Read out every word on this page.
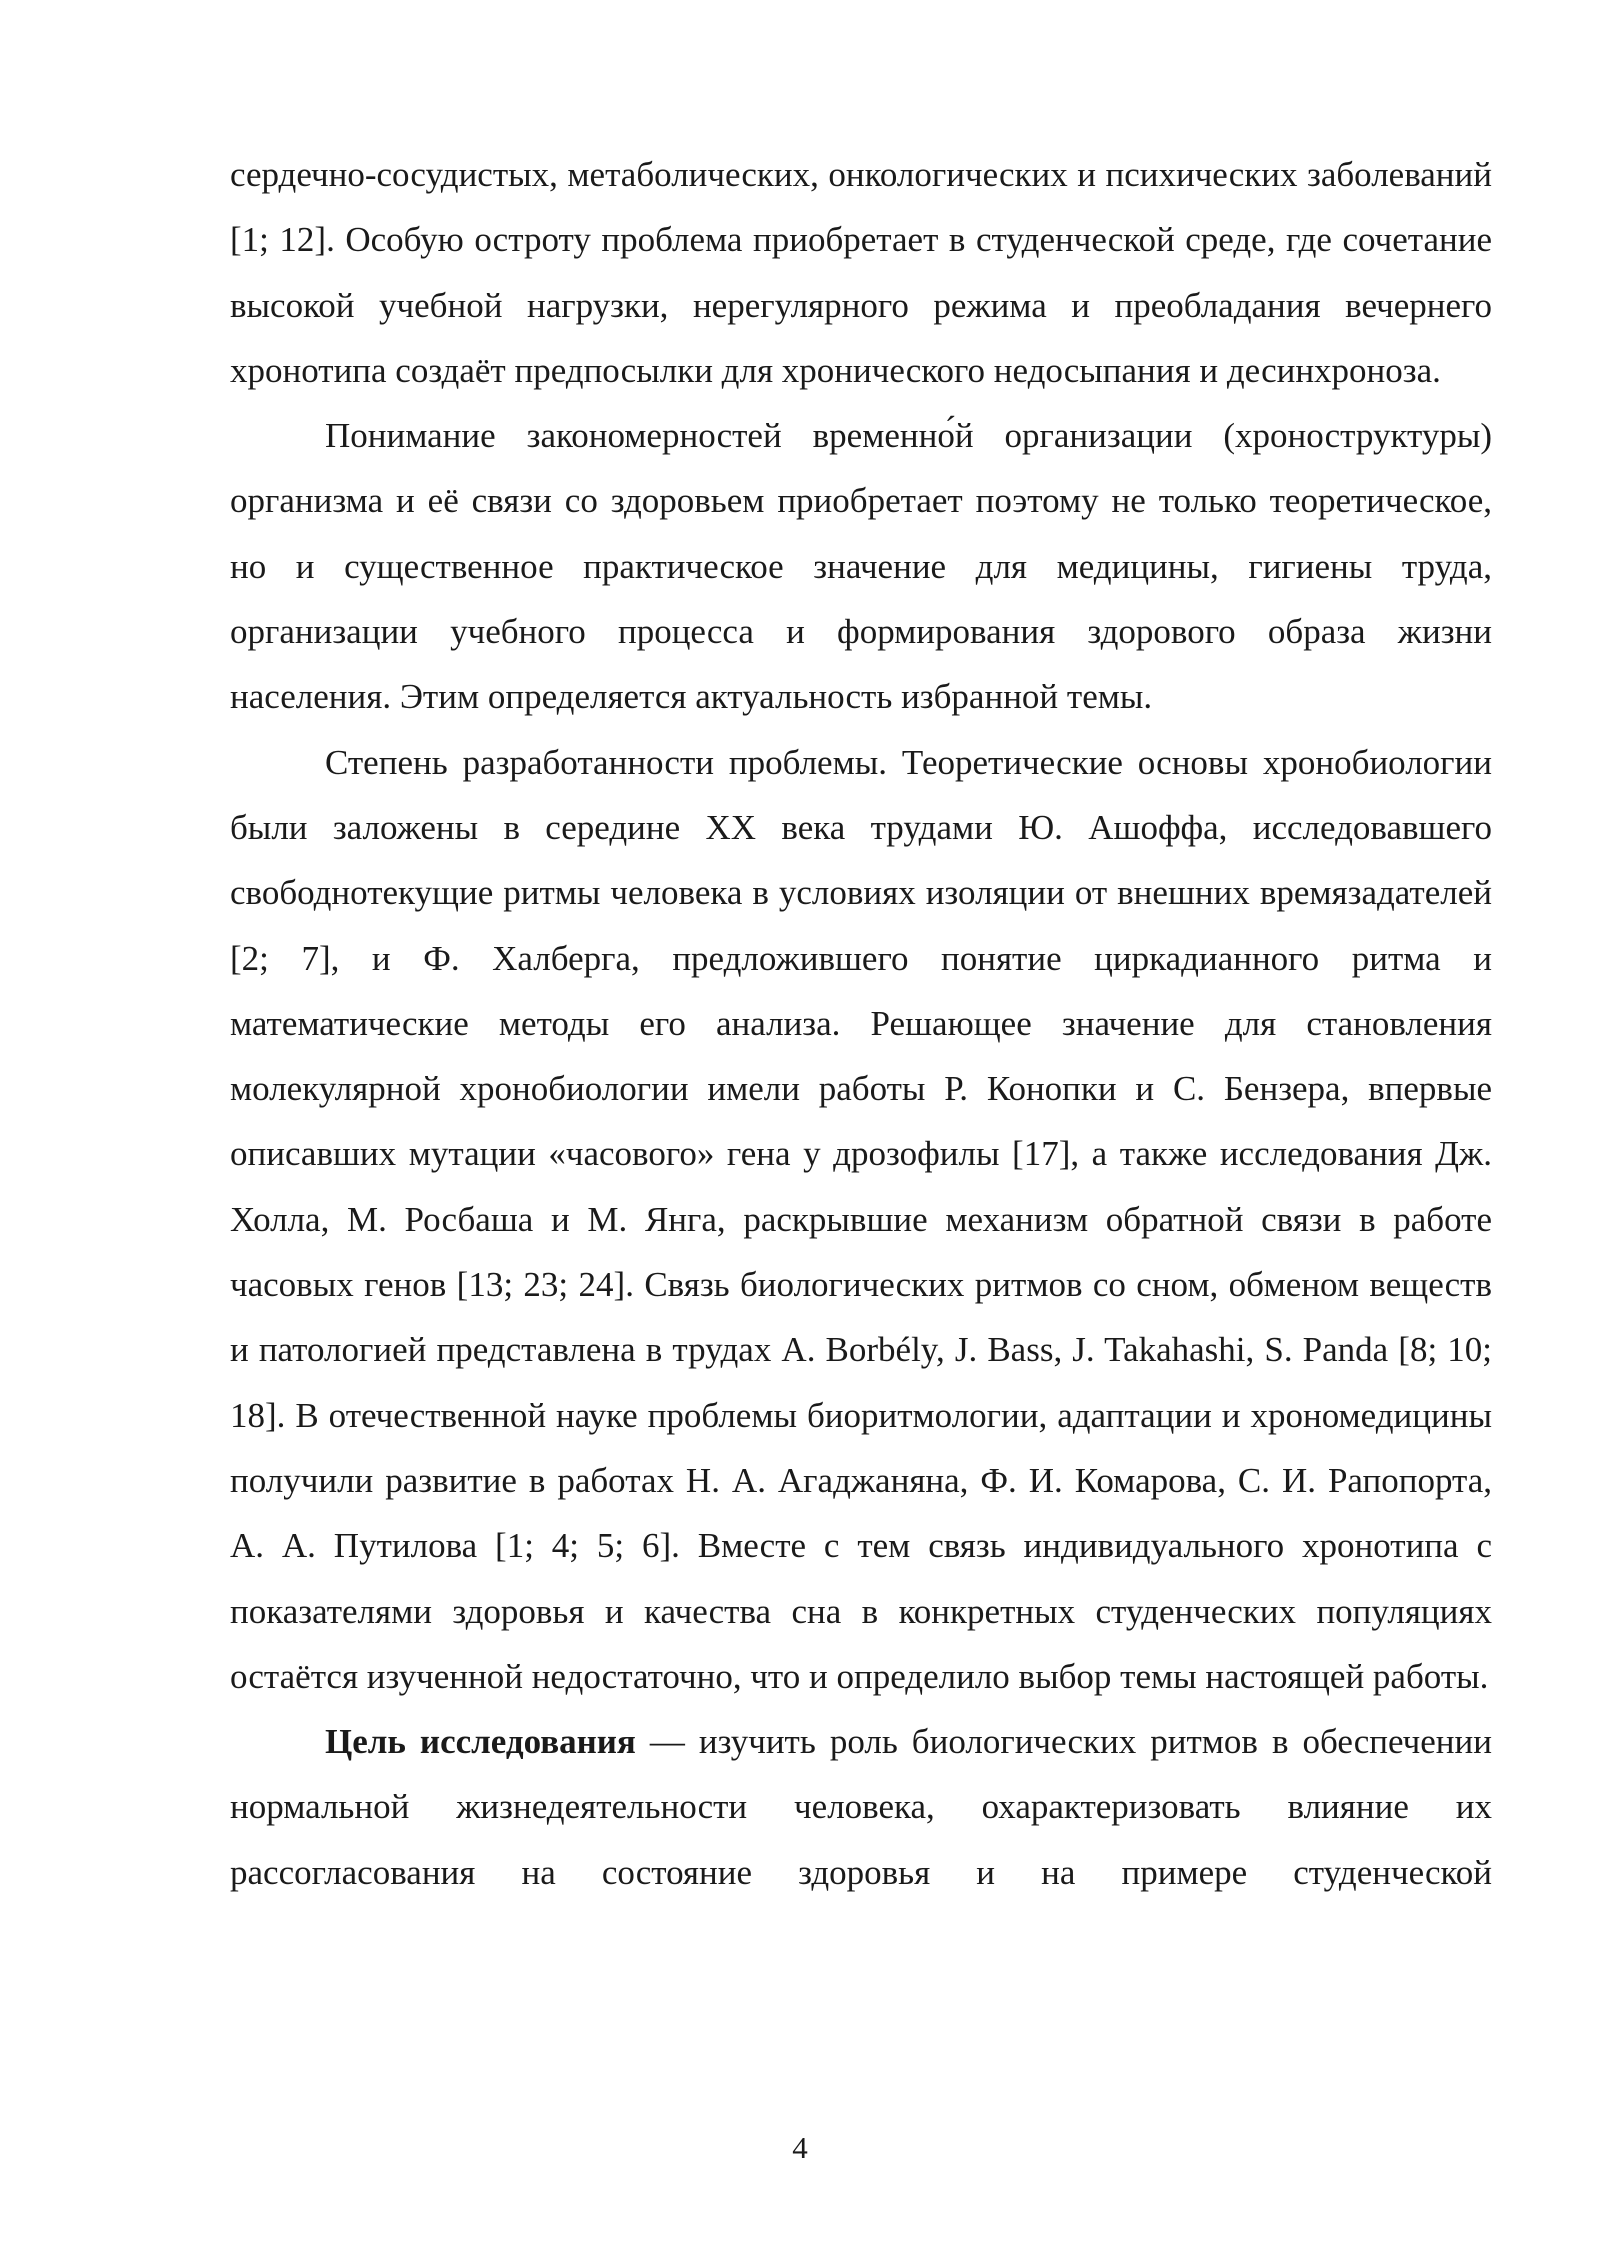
сердечно-сосудистых, метаболических, онкологических и психических заболеваний [1; 12]. Особую остроту проблема приобретает в студенческой среде, где сочетание высокой учебной нагрузки, нерегулярного режима и преобладания вечернего хронотипа создаёт предпосылки для хронического недосыпания и десинхроноза.

Понимание закономерностей временно́й организации (хроноструктуры) организма и её связи со здоровьем приобретает поэтому не только теоретическое, но и существенное практическое значение для медицины, гигиены труда, организации учебного процесса и формирования здорового образа жизни населения. Этим определяется актуальность избранной темы.

Степень разработанности проблемы. Теоретические основы хронобиологии были заложены в середине XX века трудами Ю. Ашоффа, исследовавшего свободнотекущие ритмы человека в условиях изоляции от внешних времязадателей [2; 7], и Ф. Халберга, предложившего понятие циркадианного ритма и математические методы его анализа. Решающее значение для становления молекулярной хронобиологии имели работы Р. Конопки и С. Бензера, впервые описавших мутации «часового» гена у дрозофилы [17], а также исследования Дж. Холла, М. Росбаша и М. Янга, раскрывшие механизм обратной связи в работе часовых генов [13; 23; 24]. Связь биологических ритмов со сном, обменом веществ и патологией представлена в трудах A. Borbély, J. Bass, J. Takahashi, S. Panda [8; 10; 18]. В отечественной науке проблемы биоритмологии, адаптации и хрономедицины получили развитие в работах Н. А. Агаджаняна, Ф. И. Комарова, С. И. Рапопорта, А. А. Путилова [1; 4; 5; 6]. Вместе с тем связь индивидуального хронотипа с показателями здоровья и качества сна в конкретных студенческих популяциях остаётся изученной недостаточно, что и определило выбор темы настоящей работы.

Цель исследования — изучить роль биологических ритмов в обеспечении нормальной жизнедеятельности человека, охарактеризовать влияние их рассогласования на состояние здоровья и на примере студенческой

4
